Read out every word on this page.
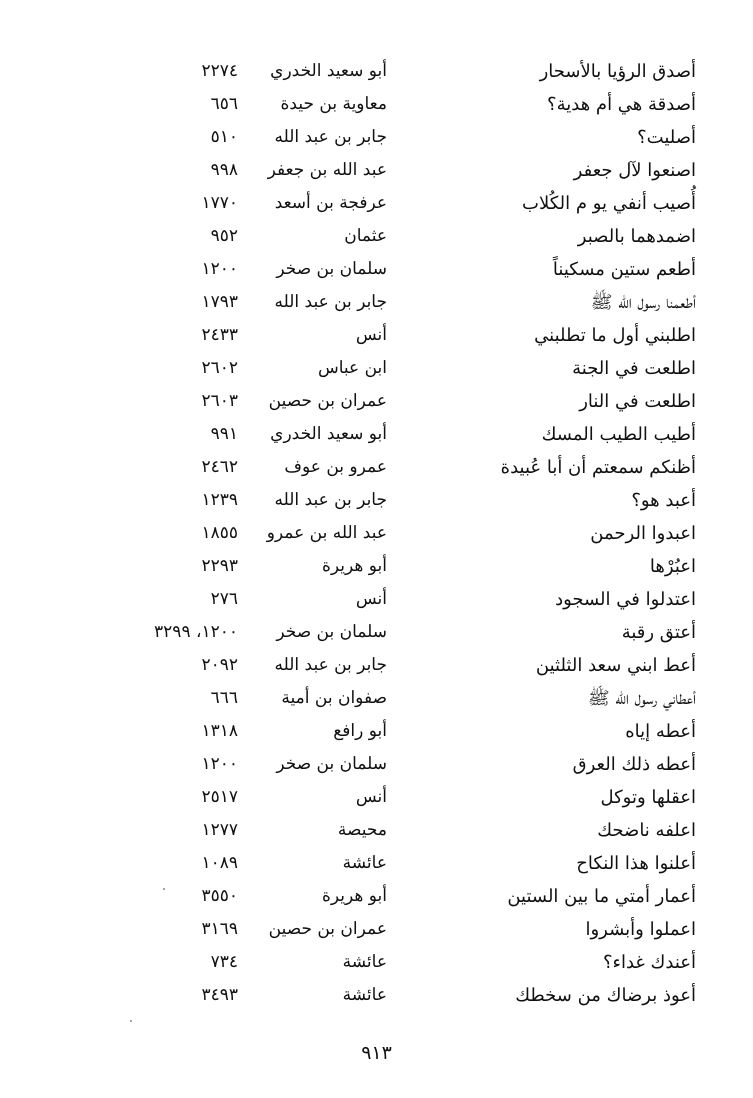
أصدق الرؤيا بالأسحار
أبو سعيد الخدري
٢٢٧٤
أصدقة هي أم هدية؟
معاوية بن حيدة
٦٥٦
أصليت؟
جابر بن عبد الله
٥١٠
اصنعوا لآل جعفر
عبد الله بن جعفر
٩٩٨
أُصيب أنفي يو م الكُلاب
عرفجة بن أسعد
١٧٧٠
اضمدهما بالصبر
عثمان
٩٥٢
أطعم ستين مسكيناً
سلمان بن صخر
١٢٠٠
أطعمنا رسول الله ﷺ
جابر بن عبد الله
١٧٩٣
اطلبني أول ما تطلبني
أنس
٢٤٣٣
اطلعت في الجنة
ابن عباس
٢٦٠٢
اطلعت في النار
عمران بن حصين
٢٦٠٣
أطيب الطيب المسك
أبو سعيد الخدري
٩٩١
أظنكم سمعتم أن أبا عُبيدة
عمرو بن عوف
٢٤٦٢
أعبد هو؟
جابر بن عبد الله
١٢٣٩
اعبدوا الرحمن
عبد الله بن عمرو
١٨٥٥
اعبُرْها
أبو هريرة
٢٢٩٣
اعتدلوا في السجود
أنس
٢٧٦
أعتق رقبة
سلمان بن صخر
١٢٠٠، ٣٢٩٩
أعط ابني سعد الثلثين
جابر بن عبد الله
٢٠٩٢
أعطاني رسول الله ﷺ
صفوان بن أمية
٦٦٦
أعطه إياه
أبو رافع
١٣١٨
أعطه ذلك العرق
سلمان بن صخر
١٢٠٠
اعقلها وتوكل
أنس
٢٥١٧
اعلفه ناضحك
محيصة
١٢٧٧
أعلنوا هذا النكاح
عائشة
١٠٨٩
أعمار أمتي ما بين الستين
أبو هريرة
٣٥٥٠
اعملوا وأبشروا
عمران بن حصين
٣١٦٩
أعندك غداء؟
عائشة
٧٣٤
أعوذ برضاك من سخطك
عائشة
٣٤٩٣
٩١٣
